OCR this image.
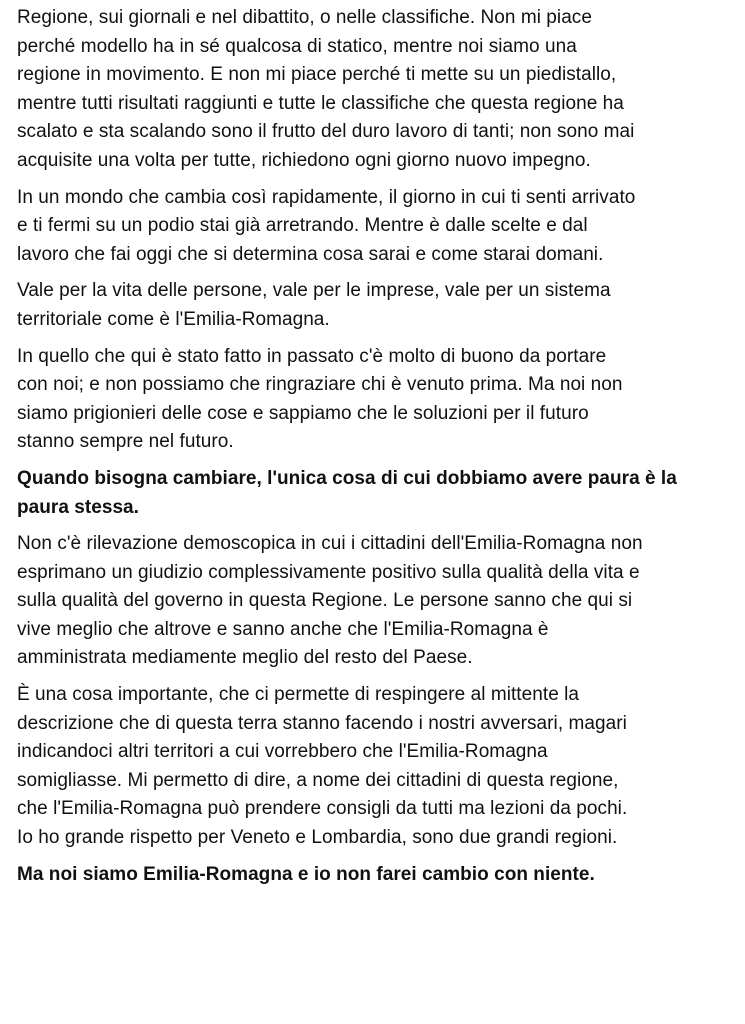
Regione, sui giornali e nel dibattito, o nelle classifiche. Non mi piace
perché modello ha in sé qualcosa di statico, mentre noi siamo una
regione in movimento. E non mi piace perché ti mette su un piedistallo,
mentre tutti risultati raggiunti e tutte le classifiche che questa regione ha
scalato e sta scalando sono il frutto del duro lavoro di tanti; non sono mai
acquisite una volta per tutte, richiedono ogni giorno nuovo impegno.

In un mondo che cambia così rapidamente, il giorno in cui ti senti arrivato
e ti fermi su un podio stai già arretrando. Mentre è dalle scelte e dal
lavoro che fai oggi che si determina cosa sarai e come starai domani.

Vale per la vita delle persone, vale per le imprese, vale per un sistema
territoriale come è l'Emilia-Romagna.

In quello che qui è stato fatto in passato c'è molto di buono da portare
con noi; e non possiamo che ringraziare chi è venuto prima. Ma noi non
siamo prigionieri delle cose e sappiamo che le soluzioni per il futuro
stanno sempre nel futuro.

Quando bisogna cambiare, l'unica cosa di cui dobbiamo avere paura è la
paura stessa.

Non c'è rilevazione demoscopica in cui i cittadini dell'Emilia-Romagna non
esprimano un giudizio complessivamente positivo sulla qualità della vita e
sulla qualità del governo in questa Regione. Le persone sanno che qui si
vive meglio che altrove e sanno anche che l'Emilia-Romagna è
amministrata mediamente meglio del resto del Paese.

È una cosa importante, che ci permette di respingere al mittente la
descrizione che di questa terra stanno facendo i nostri avversari, magari
indicandoci altri territori a cui vorrebbero che l'Emilia-Romagna
somigliasse. Mi permetto di dire, a nome dei cittadini di questa regione,
che l'Emilia-Romagna può prendere consigli da tutti ma lezioni da pochi.
Io ho grande rispetto per Veneto e Lombardia, sono due grandi regioni.

Ma noi siamo Emilia-Romagna e io non farei cambio con niente.
